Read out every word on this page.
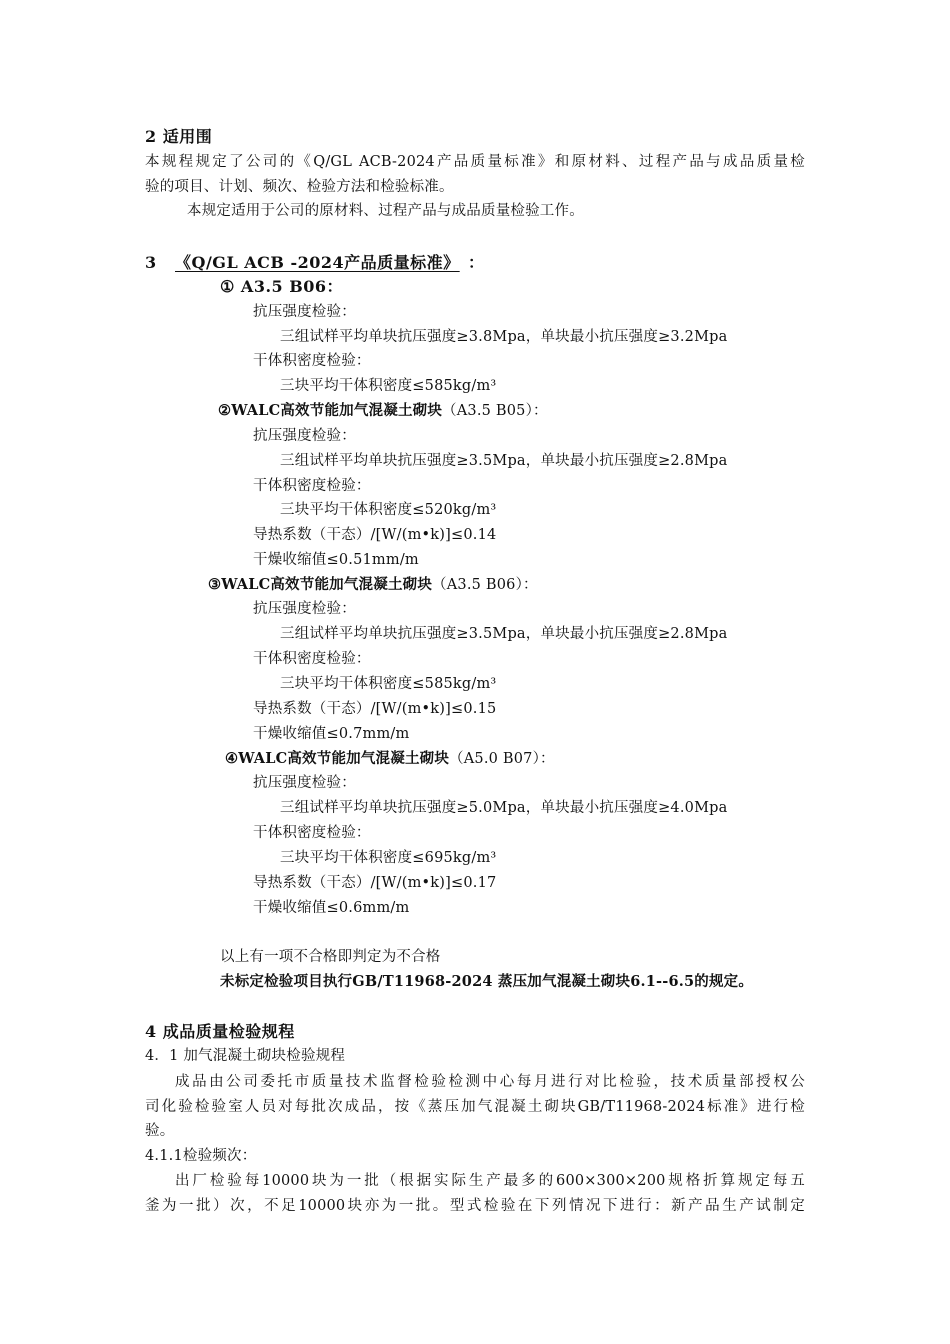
2 适用围
本规程规定了公司的《Q/GL ACB-2024产品质量标准》和原材料、过程产品与成品质量检
验的项目、计划、频次、检验方法和检验标准。
本规定适用于公司的原材料、过程产品与成品质量检验工作。
3 《Q/GL ACB -2024产品质量标准》 ：
① A3.5 B06：
抗压强度检验：
三组试样平均单块抗压强度≥3.8Mpa，单块最小抗压强度≥3.2Mpa
干体积密度检验：
三块平均干体积密度≤585kg/m³
②WALC高效节能加气混凝土砌块（A3.5 B05）：
抗压强度检验：
三组试样平均单块抗压强度≥3.5Mpa，单块最小抗压强度≥2.8Mpa
干体积密度检验：
三块平均干体积密度≤520kg/m³
导热系数（干态）/[W/(m•k)]≤0.14
干燥收缩值≤0.51mm/m
③WALC高效节能加气混凝土砌块（A3.5 B06）：
抗压强度检验：
三组试样平均单块抗压强度≥3.5Mpa，单块最小抗压强度≥2.8Mpa
干体积密度检验：
三块平均干体积密度≤585kg/m³
导热系数（干态）/[W/(m•k)]≤0.15
干燥收缩值≤0.7mm/m
④WALC高效节能加气混凝土砌块（A5.0 B07）：
抗压强度检验：
三组试样平均单块抗压强度≥5.0Mpa，单块最小抗压强度≥4.0Mpa
干体积密度检验：
三块平均干体积密度≤695kg/m³
导热系数（干态）/[W/(m•k)]≤0.17
干燥收缩值≤0.6mm/m
以上有一项不合格即判定为不合格
未标定检验项目执行GB/T11968-2024 蒸压加气混凝土砌块6.1--6.5的规定。
4 成品质量检验规程
4．1 加气混凝土砌块检验规程
成品由公司委托市质量技术监督检验检测中心每月进行对比检验，技术质量部授权公
司化验检验室人员对每批次成品，按《蒸压加气混凝土砌块GB/T11968-2024标准》进行检
验。
4.1.1检验频次：
出厂检验每10000块为一批（根据实际生产最多的600×300×200规格折算规定每五
釜为一批）次，不足10000块亦为一批。型式检验在下列情况下进行：新产品生产试制定
